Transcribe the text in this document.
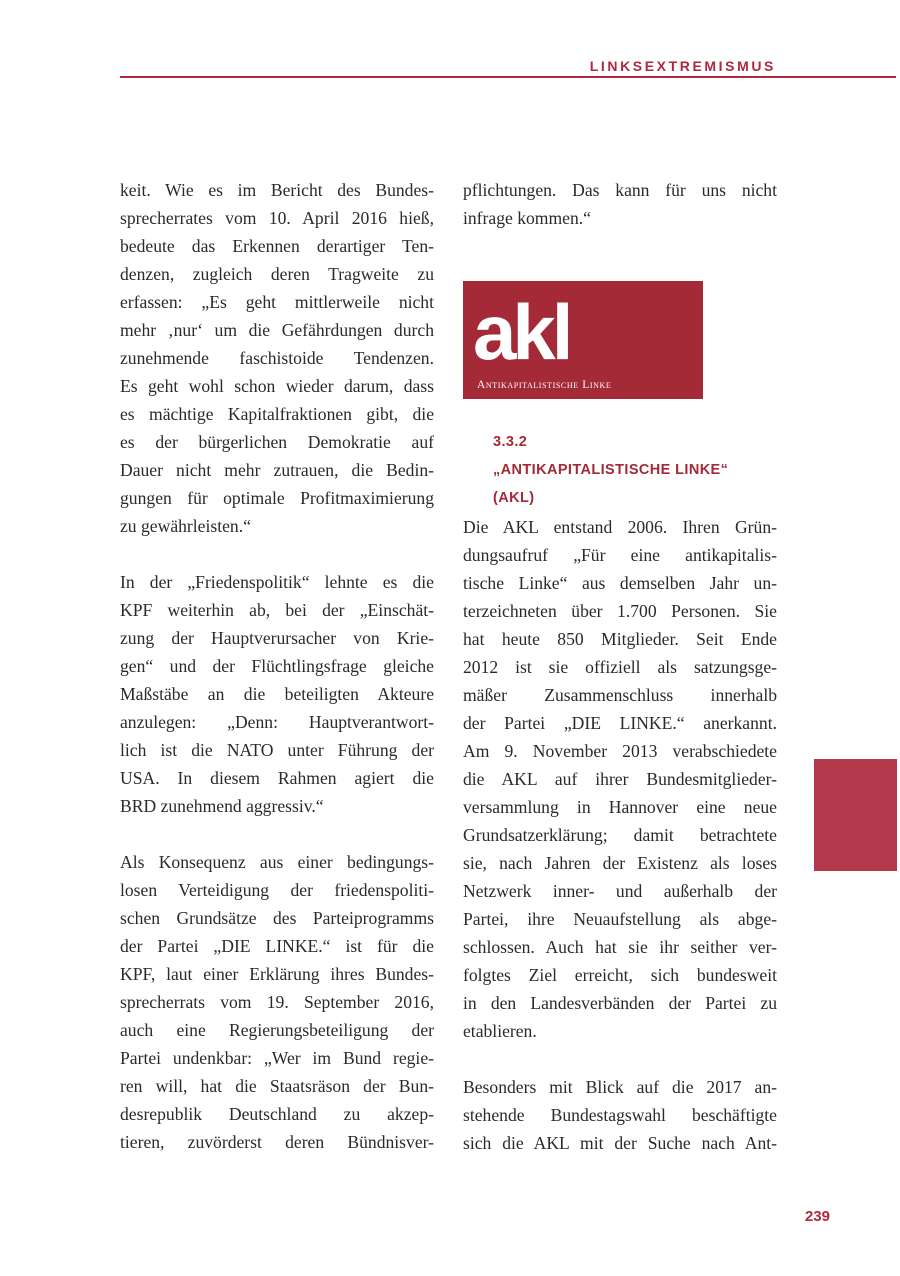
LINKSEXTREMISMUS
keit. Wie es im Bericht des Bundes-
sprecherrates vom 10. April 2016 hieß,
bedeute das Erkennen derartiger Ten-
denzen, zugleich deren Tragweite zu
erfassen: „Es geht mittlerweile nicht
mehr ‚nur‘ um die Gefährdungen durch
zunehmende faschistoide Tendenzen.
Es geht wohl schon wieder darum, dass
es mächtige Kapitalfraktionen gibt, die
es der bürgerlichen Demokratie auf
Dauer nicht mehr zutrauen, die Bedin-
gungen für optimale Profitmaximierung
zu gewährleisten.“
In der „Friedenspolitik“ lehnte es die
KPF weiterhin ab, bei der „Einschät-
zung der Hauptverursacher von Krie-
gen“ und der Flüchtlingsfrage gleiche
Maßstäbe an die beteiligten Akteure
anzulegen: „Denn: Hauptverantwort-
lich ist die NATO unter Führung der
USA. In diesem Rahmen agiert die
BRD zunehmend aggressiv.“
Als Konsequenz aus einer bedingungs-
losen Verteidigung der friedenspoliti-
schen Grundsätze des Parteiprogramms
der Partei „DIE LINKE.“ ist für die
KPF, laut einer Erklärung ihres Bundes-
sprecherrats vom 19. September 2016,
auch eine Regierungsbeteiligung der
Partei undenkbar: „Wer im Bund regie-
ren will, hat die Staatsräson der Bun-
desrepublik Deutschland zu akzep-
tieren, zuvörderst deren Bündnisver-
pflichtungen. Das kann für uns nicht
infrage kommen.“
akl
Antikapitalistische Linke
3.3.2
„ANTIKAPITALISTISCHE LINKE“
(AKL)
Die AKL entstand 2006. Ihren Grün-
dungsaufruf „Für eine antikapitalis-
tische Linke“ aus demselben Jahr un-
terzeichneten über 1.700 Personen. Sie
hat heute 850 Mitglieder. Seit Ende
2012 ist sie offiziell als satzungsge-
mäßer Zusammenschluss innerhalb
der Partei „DIE LINKE.“ anerkannt.
Am 9. November 2013 verabschiedete
die AKL auf ihrer Bundesmitglieder-
versammlung in Hannover eine neue
Grundsatzerklärung; damit betrachtete
sie, nach Jahren der Existenz als loses
Netzwerk inner- und außerhalb der
Partei, ihre Neuaufstellung als abge-
schlossen. Auch hat sie ihr seither ver-
folgtes Ziel erreicht, sich bundesweit
in den Landesverbänden der Partei zu
etablieren.
Besonders mit Blick auf die 2017 an-
stehende Bundestagswahl beschäftigte
sich die AKL mit der Suche nach Ant-
239
